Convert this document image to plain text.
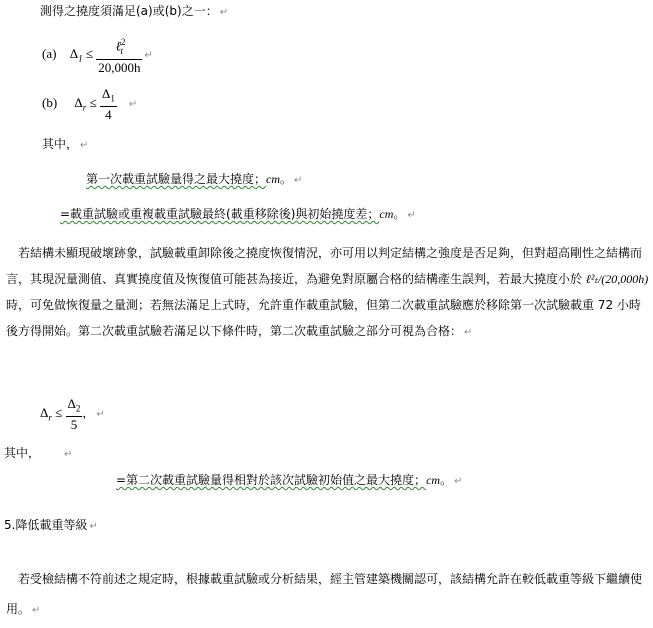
測得之撓度須滿足(a)或(b)之一： ↵
(a) $\Delta_1 \le \frac{\ell^2_t}{20,000h}$ ↵
(b) $\Delta_r \le \frac{\Delta_1}{4}$ ↵
其中， ↵
第一次載重試驗量得之最大撓度；cm。 ↵
=載重試驗或重複載重試驗最終(載重移除後)與初始撓度差；cm。 ↵
若結構未顯現破壞跡象，試驗載重卸除後之撓度恢復情況，亦可用以判定結構之強度是否足夠，但對超高剛性之結構而言，其現況量測值、真實撓度值及恢復值可能甚為接近，為避免對原屬合格的結構產生誤判，若最大撓度小於 ℓ²ₜ/(20,000h) 時，可免做恢復量之量測；若無法滿足上式時，允許重作載重試驗，但第二次載重試驗應於移除第一次試驗載重 72 小時後方得開始。第二次載重試驗若滿足以下條件時，第二次載重試驗之部分可視為合格： ↵
$\Delta_r \le \frac{\Delta_2}{5}$ ， ↵
其中， ↵
=第二次載重試驗量得相對於該次試驗初始值之最大撓度；cm。 ↵
5.降低載重等級 ↵
若受檢結構不符前述之規定時，根據載重試驗或分析結果，經主管建築機關認可，該結構允許在較低載重等級下繼續使用。 ↵
